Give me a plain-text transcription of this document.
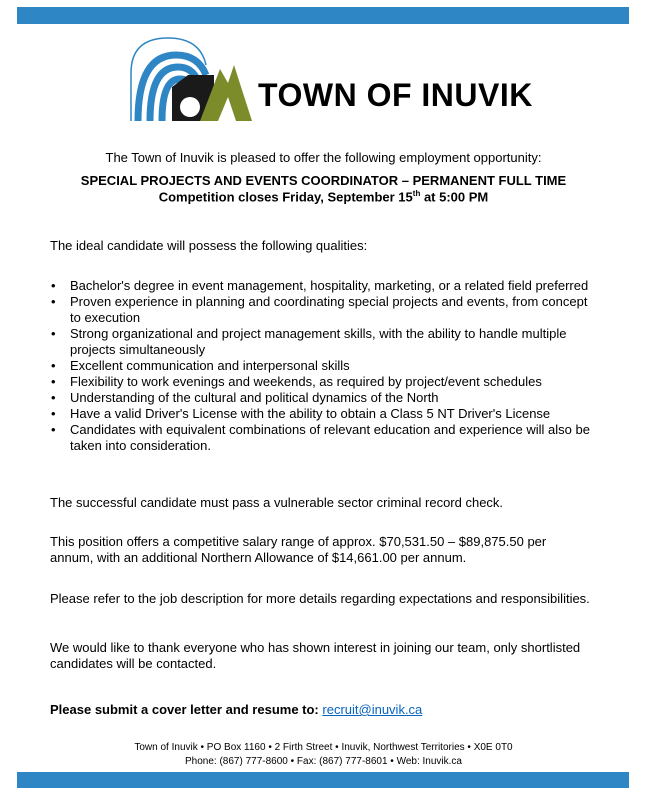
TOWN OF INUVIK
The Town of Inuvik is pleased to offer the following employment opportunity:
SPECIAL PROJECTS AND EVENTS COORDINATOR – PERMANENT FULL TIME
Competition closes Friday, September 15th at 5:00 PM
The ideal candidate will possess the following qualities:
• Bachelor's degree in event management, hospitality, marketing, or a related field preferred
• Proven experience in planning and coordinating special projects and events, from concept to execution
• Strong organizational and project management skills, with the ability to handle multiple projects simultaneously
• Excellent communication and interpersonal skills
• Flexibility to work evenings and weekends, as required by project/event schedules
• Understanding of the cultural and political dynamics of the North
• Have a valid Driver's License with the ability to obtain a Class 5 NT Driver's License
• Candidates with equivalent combinations of relevant education and experience will also be taken into consideration.
The successful candidate must pass a vulnerable sector criminal record check.
This position offers a competitive salary range of approx. $70,531.50 – $89,875.50 per annum, with an additional Northern Allowance of $14,661.00 per annum.
Please refer to the job description for more details regarding expectations and responsibilities.
We would like to thank everyone who has shown interest in joining our team, only shortlisted candidates will be contacted.
Please submit a cover letter and resume to: recruit@inuvik.ca
Town of Inuvik • PO Box 1160 • 2 Firth Street • Inuvik, Northwest Territories • X0E 0T0
Phone: (867) 777-8600 • Fax: (867) 777-8601 • Web: Inuvik.ca
